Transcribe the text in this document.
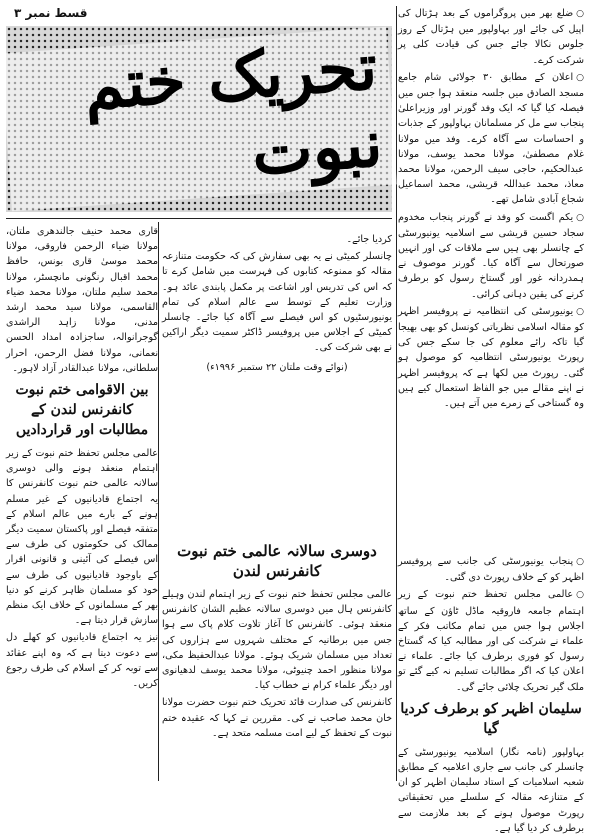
قسط نمبر ۳
تحریک ختم نبوت

○ضلع بھر میں پروگراموں کے بعد ہڑتال کی اپیل کی جائے اور بہاولپور میں ہڑتال کے روز جلوس نکالا جائے جس کی قیادت کلی پر شرکت کرے۔

○اعلان کے مطابق ۳۰ جولائی شام جامع مسجد الصادق میں جلسہ منعقد ہوا جس میں فیصلہ کیا گیا کہ ایک وفد گورنر اور وزیراعلیٰ پنجاب سے مل کر مسلمانان بہاولپور کے جذبات و احساسات سے آگاہ کرے۔ وفد میں مولانا غلام مصطفیٰ، مولانا محمد یوسف، مولانا عبدالحکیم، حاجی سیف الرحمن، مولانا محمد معاذ، محمد عبداللہ قریشی، محمد اسماعیل شجاع آبادی شامل تھے۔

○یکم اگست کو وفد نے گورنر پنجاب مخدوم سجاد حسین قریشی سے اسلامیہ یونیورسٹی کے چانسلر بھی ہیں سے ملاقات کی اور انہیں صورتحال سے آگاہ کیا۔ گورنر موصوف نے ہمدردانہ غور اور گستاخ رسول کو برطرف کرنے کی یقین دہانی کرائی۔

○یونیورسٹی کی انتظامیہ نے پروفیسر اظہر کو مقالہ اسلامی نظریاتی کونسل کو بھی بھیجا گیا تاکہ رائے معلوم کی جا سکے جس کی رپورٹ یونیورسٹی انتظامیہ کو موصول ہو گئی۔ رپورٹ میں لکھا ہے کہ پروفیسر اظہر نے اپنے مقالے میں جو الفاظ استعمال کیے ہیں وہ گستاخی کے زمرے میں آتے ہیں۔

○پنجاب یونیورسٹی کی جانب سے پروفیسر اظہر کو کے خلاف رپورٹ دی گئی۔

○عالمی مجلس تحفظ ختم نبوت کے زیر اہتمام جامعہ فاروقیہ ماڈل ٹاؤن کے ساتھ اجلاس ہوا جس میں تمام مکاتب فکر کے علماء نے شرکت کی اور مطالبہ کیا کہ گستاخ رسول کو فوری برطرف کیا جائے۔ علماء نے اعلان کیا کہ اگر مطالبات تسلیم نہ کیے گئے تو ملک گیر تحریک چلائی جائے گی۔

سلیمان اظہر کو برطرف کردیا گیا

بہاولپور (نامہ نگار) اسلامیہ یونیورسٹی کے چانسلر کی جانب سے جاری اعلامیہ کے مطابق شعبہ اسلامیات کے استاد سلیمان اظہر کو ان کے متنازعہ مقالہ کے سلسلے میں تحقیقاتی رپورٹ موصول ہونے کے بعد ملازمت سے برطرف کر دیا گیا ہے۔

کردیا جائے۔

چانسلر کمیٹی نے یہ بھی سفارش کی کہ حکومت متنازعہ مقالہ کو ممنوعہ کتابوں کی فہرست میں شامل کرے تا کہ اس کی تدریس اور اشاعت پر مکمل پابندی عائد ہو۔ وزارت تعلیم کے توسط سے عالم اسلام کی تمام یونیورسٹیوں کو اس فیصلے سے آگاہ کیا جائے۔ چانسلر کمیٹی کے اجلاس میں پروفیسر ڈاکٹر سمیت دیگر اراکین نے بھی شرکت کی۔

(نوائے وقت ملتان ۲۲ ستمبر ۱۹۹۶ء)
دوسری سالانہ عالمی ختم نبوت کانفرنس لندن

عالمی مجلس تحفظ ختم نبوت کے زیر اہتمام لندن وہیلے کانفرنس ہال میں دوسری سالانہ عظیم الشان کانفرنس منعقد ہوئی۔ کانفرنس کا آغاز تلاوت کلام پاک سے ہوا جس میں برطانیہ کے مختلف شہروں سے ہزاروں کی تعداد میں مسلمان شریک ہوئے۔ مولانا عبدالحفیظ مکی، مولانا منظور احمد چنیوٹی، مولانا محمد یوسف لدھیانوی اور دیگر علماء کرام نے خطاب کیا۔

کانفرنس کی صدارت قائد تحریک ختم نبوت حضرت مولانا خان محمد صاحب نے کی۔ مقررین نے کہا کہ عقیدہ ختم نبوت کے تحفظ کے لیے امت مسلمہ متحد ہے۔

قاری محمد حنیف جالندھری ملتان، مولانا ضیاء الرحمن فاروقی، مولانا محمد موسیٰ قاری بونس، حافظ محمد اقبال رنگونی مانچسٹر، مولانا محمد سلیم ملتان، مولانا محمد ضیاء القاسمی، مولانا سید محمد ارشد مدنی، مولانا زاہد الراشدی گوجرانوالہ، ساجزادہ امداد الحسن نعمانی، مولانا فضل الرحمن، احرار سلطانی، مولانا عبدالقادر آزاد لاہور۔

بین الاقوامی ختم نبوت کانفرنس لندن کے مطالبات اور قراردادیں

عالمی مجلس تحفظ ختم نبوت کے زیر اہتمام منعقد ہونے والی دوسری سالانہ عالمی ختم نبوت کانفرنس کا یہ اجتماع قادیانیوں کے غیر مسلم ہونے کے بارے میں عالم اسلام کے متفقہ فیصلے اور پاکستان سمیت دیگر ممالک کی حکومتوں کی طرف سے اس فیصلے کی آئینی و قانونی اقرار کے باوجود قادیانیوں کی طرف سے خود کو مسلمان ظاہر کرنے کو دنیا بھر کے مسلمانوں کے خلاف ایک منظم سازش قرار دیتا ہے۔

نیز یہ اجتماع قادیانیوں کو کھلے دل سے دعوت دیتا ہے کہ وہ اپنے عقائد سے توبہ کر کے اسلام کی طرف رجوع کریں۔
